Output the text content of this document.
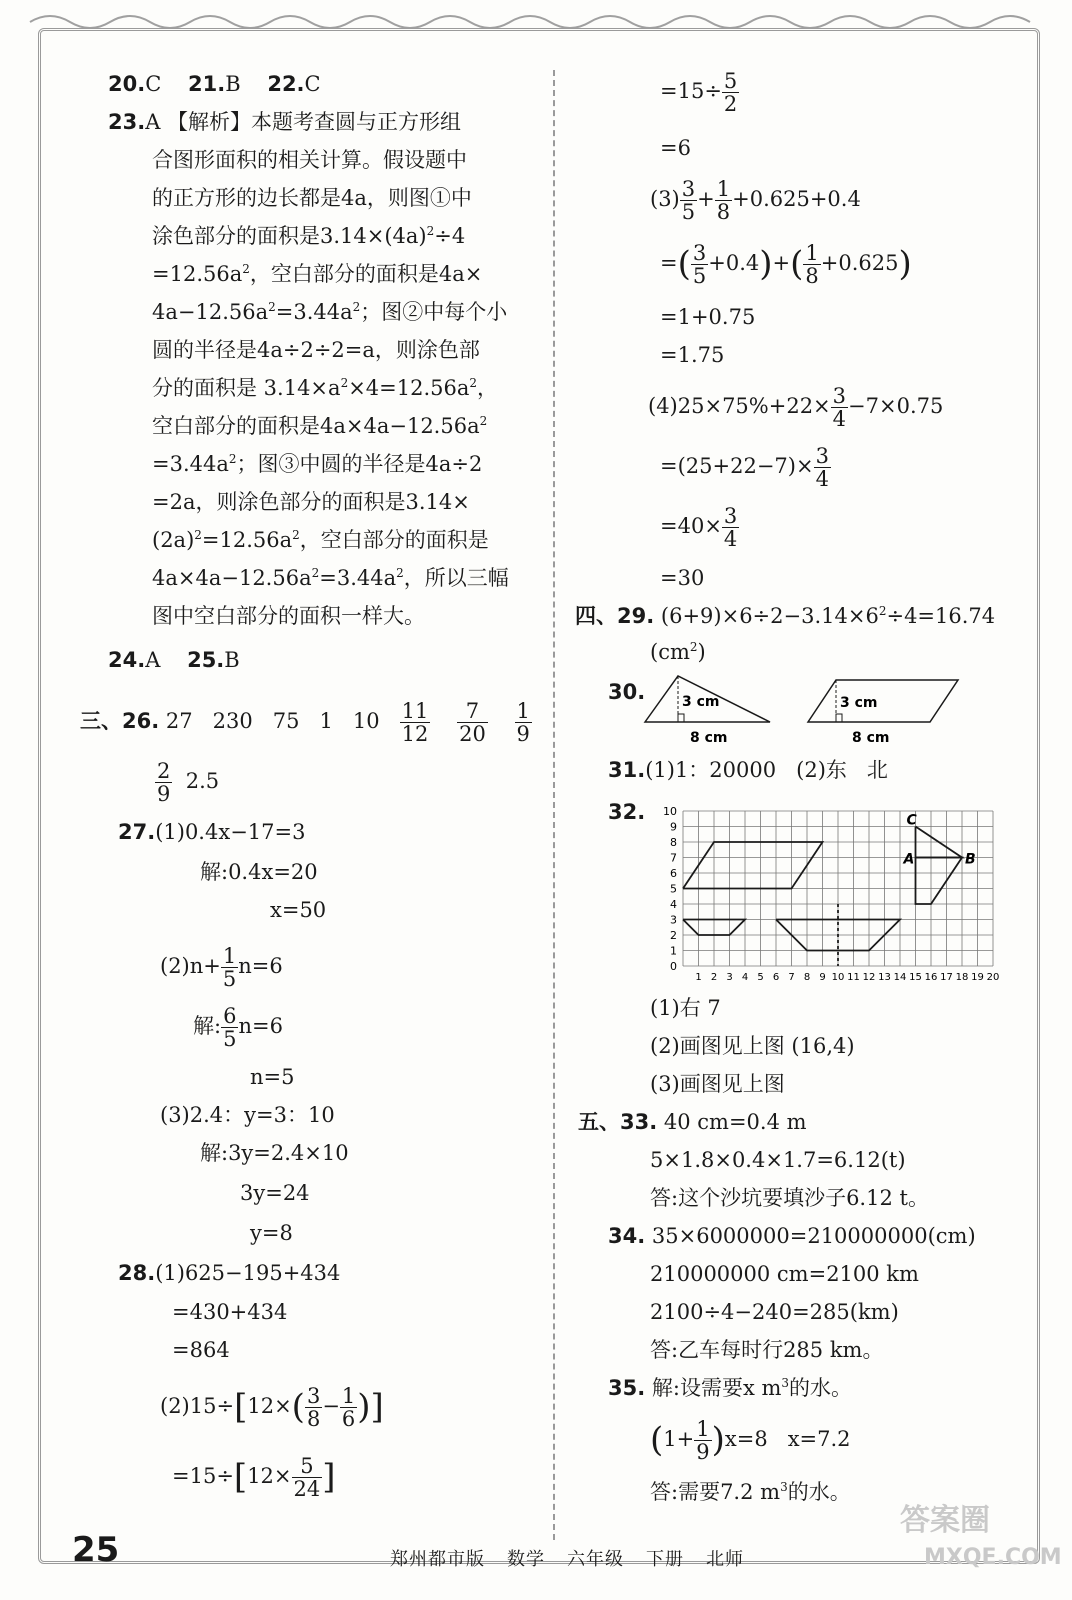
20.C 21.B 22.C
23.A 【解析】本题考查圆与正方形组
合图形面积的相关计算。假设题中
的正方形的边长都是4a，则图①中
涂色部分的面积是$3.14\times(4a)^2\div 4$
$=12.56a^2$，空白部分的面积是4a×
$4a-12.56a^2=3.44a^2$；图②中每个小
圆的半径是4a÷2÷2=a，则涂色部
分的面积是 $3.14\times a^2\times 4=12.56a^2$，
空白部分的面积是$4a\times 4a-12.56a^2$
$=3.44a^2$；图③中圆的半径是4a÷2
=2a，则涂色部分的面积是3.14×
$(2a)^2=12.56a^2$，空白部分的面积是
$4a\times 4a-12.56a^2=3.44a^2$，所以三幅
图中空白部分的面积一样大。
24.A 25.B
三、26. 27   230   75   1   $10 \frac{11}{12}$
$\frac{7}{20}$
$\frac{1}{9}$
$\frac{2}{9} 2.5$
27.(1)0.4x−17=3
解:0.4x=20
x=50
$(2)n+ \frac{1}{5} n=6$
解: $\frac{6}{5} n=6$
n=5
(3)2.4：y=3：10
解:3y=2.4×10
3y=24
y=8
28.(1)625−195+434
=430+434
=864
$(2)15\div[12\times( \frac{3}{8} - \frac{1}{6}$ )]
$=15\div[12\times \frac{5}{24}$ ]
$=15\div \frac{5}{2}$
=6
$(3) \frac{3}{5} + \frac{1}{8} +0.625+0.4$
=( $\frac{3}{5} +0.4)+( \frac{1}{8} +0.625)$
=1+0.75
=1.75
$(4)25\times 75\%+22\times \frac{3}{4} -7\times 0.75$
$=(25+22-7)\times \frac{3}{4}$
$=40\times \frac{3}{4}$
=30
四、29. $(6+9)\times 6\div 2-3.14\times 6^2\div 4=16.74$
$(cm^2)$
30.	3 cm
8 cm
3 cm
8 cm
31.(1)1：20000   (2)东   北
32. 10
9
8
7
6
5
4
3
2
1
0
1 2 3 4 5 6 7 8 9 10 11 12 13 14 15 16 17 18 19 20
A	B
C
(1)右 7
(2)画图见上图 (16,4)
(3)画图见上图
五、33. 40 cm=0.4 m
5×1.8×0.4×1.7=6.12(t)
答:这个沙坑要填沙子6.12 t。
34. 35×6000000=210000000(cm)
210000000 cm=2100 km
2100÷4−240=285(km)
答:乙车每时行285 km。
35. 解:设需要x $m^3$的水。
$(1+ \frac{1}{9} )x=8$   x=7.2
答:需要7.2 $m^3$的水。
25	郑州都市版 数学 六年级 下册 北师
答案圈
MXQE.COM
